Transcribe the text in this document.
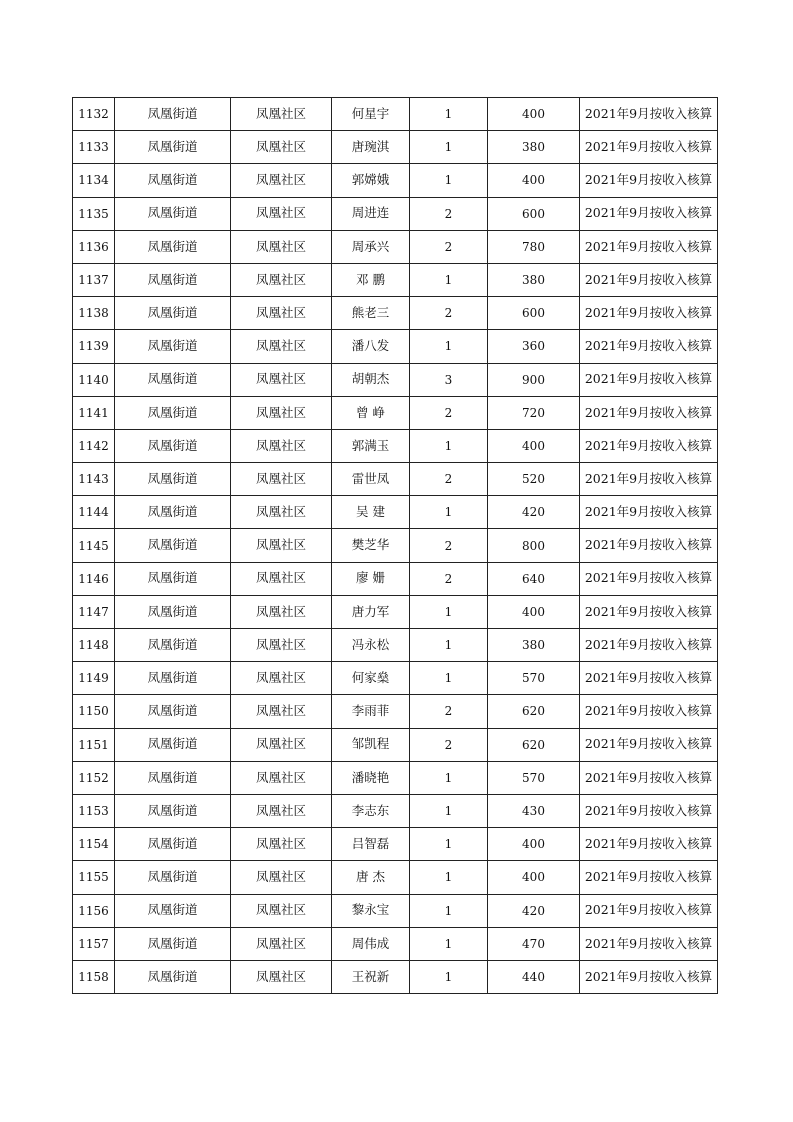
1132	凤凰街道	凤凰社区	何星宇	1	400	2021年9月按收入核算
1133	凤凰街道	凤凰社区	唐琬淇	1	380	2021年9月按收入核算
1134	凤凰街道	凤凰社区	郭嫦娥	1	400	2021年9月按收入核算
1135	凤凰街道	凤凰社区	周进连	2	600	2021年9月按收入核算
1136	凤凰街道	凤凰社区	周承兴	2	780	2021年9月按收入核算
1137	凤凰街道	凤凰社区	邓 鹏	1	380	2021年9月按收入核算
1138	凤凰街道	凤凰社区	熊老三	2	600	2021年9月按收入核算
1139	凤凰街道	凤凰社区	潘八发	1	360	2021年9月按收入核算
1140	凤凰街道	凤凰社区	胡朝杰	3	900	2021年9月按收入核算
1141	凤凰街道	凤凰社区	曾 峥	2	720	2021年9月按收入核算
1142	凤凰街道	凤凰社区	郭满玉	1	400	2021年9月按收入核算
1143	凤凰街道	凤凰社区	雷世凤	2	520	2021年9月按收入核算
1144	凤凰街道	凤凰社区	吴 建	1	420	2021年9月按收入核算
1145	凤凰街道	凤凰社区	樊芝华	2	800	2021年9月按收入核算
1146	凤凰街道	凤凰社区	廖 姗	2	640	2021年9月按收入核算
1147	凤凰街道	凤凰社区	唐力军	1	400	2021年9月按收入核算
1148	凤凰街道	凤凰社区	冯永松	1	380	2021年9月按收入核算
1149	凤凰街道	凤凰社区	何家燊	1	570	2021年9月按收入核算
1150	凤凰街道	凤凰社区	李雨菲	2	620	2021年9月按收入核算
1151	凤凰街道	凤凰社区	邹凯程	2	620	2021年9月按收入核算
1152	凤凰街道	凤凰社区	潘晓艳	1	570	2021年9月按收入核算
1153	凤凰街道	凤凰社区	李志东	1	430	2021年9月按收入核算
1154	凤凰街道	凤凰社区	吕智磊	1	400	2021年9月按收入核算
1155	凤凰街道	凤凰社区	唐 杰	1	400	2021年9月按收入核算
1156	凤凰街道	凤凰社区	黎永宝	1	420	2021年9月按收入核算
1157	凤凰街道	凤凰社区	周伟成	1	470	2021年9月按收入核算
1158	凤凰街道	凤凰社区	王祝新	1	440	2021年9月按收入核算
